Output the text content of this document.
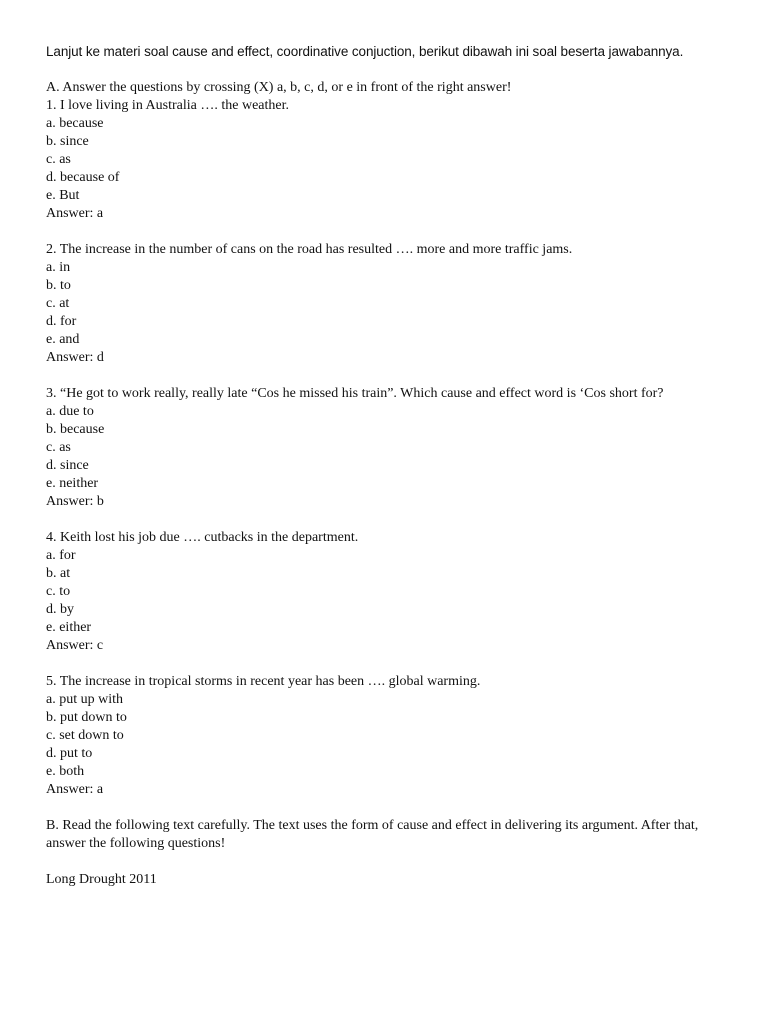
Lanjut ke materi soal cause and effect, coordinative conjuction, berikut dibawah ini soal beserta jawabannya.
A. Answer the questions by crossing (X) a, b, c, d, or e in front of the right answer!
1. I love living in Australia …. the weather.
a. because
b. since
c. as
d. because of
e. But
Answer: a
2. The increase in the number of cans on the road has resulted …. more and more traffic jams.
a. in
b. to
c. at
d. for
e. and
Answer: d
3. “He got to work really, really late “Cos he missed his train”. Which cause and effect word is ‘Cos short for?
a. due to
b. because
c. as
d. since
e. neither
Answer: b
4. Keith lost his job due …. cutbacks in the department.
a. for
b. at
c. to
d. by
e. either
Answer: c
5. The increase in tropical storms in recent year has been …. global warming.
a. put up with
b. put down to
c. set down to
d. put to
e. both
Answer: a
B. Read the following text carefully. The text uses the form of cause and effect in delivering its argument. After that, answer the following questions!
Long Drought 2011
